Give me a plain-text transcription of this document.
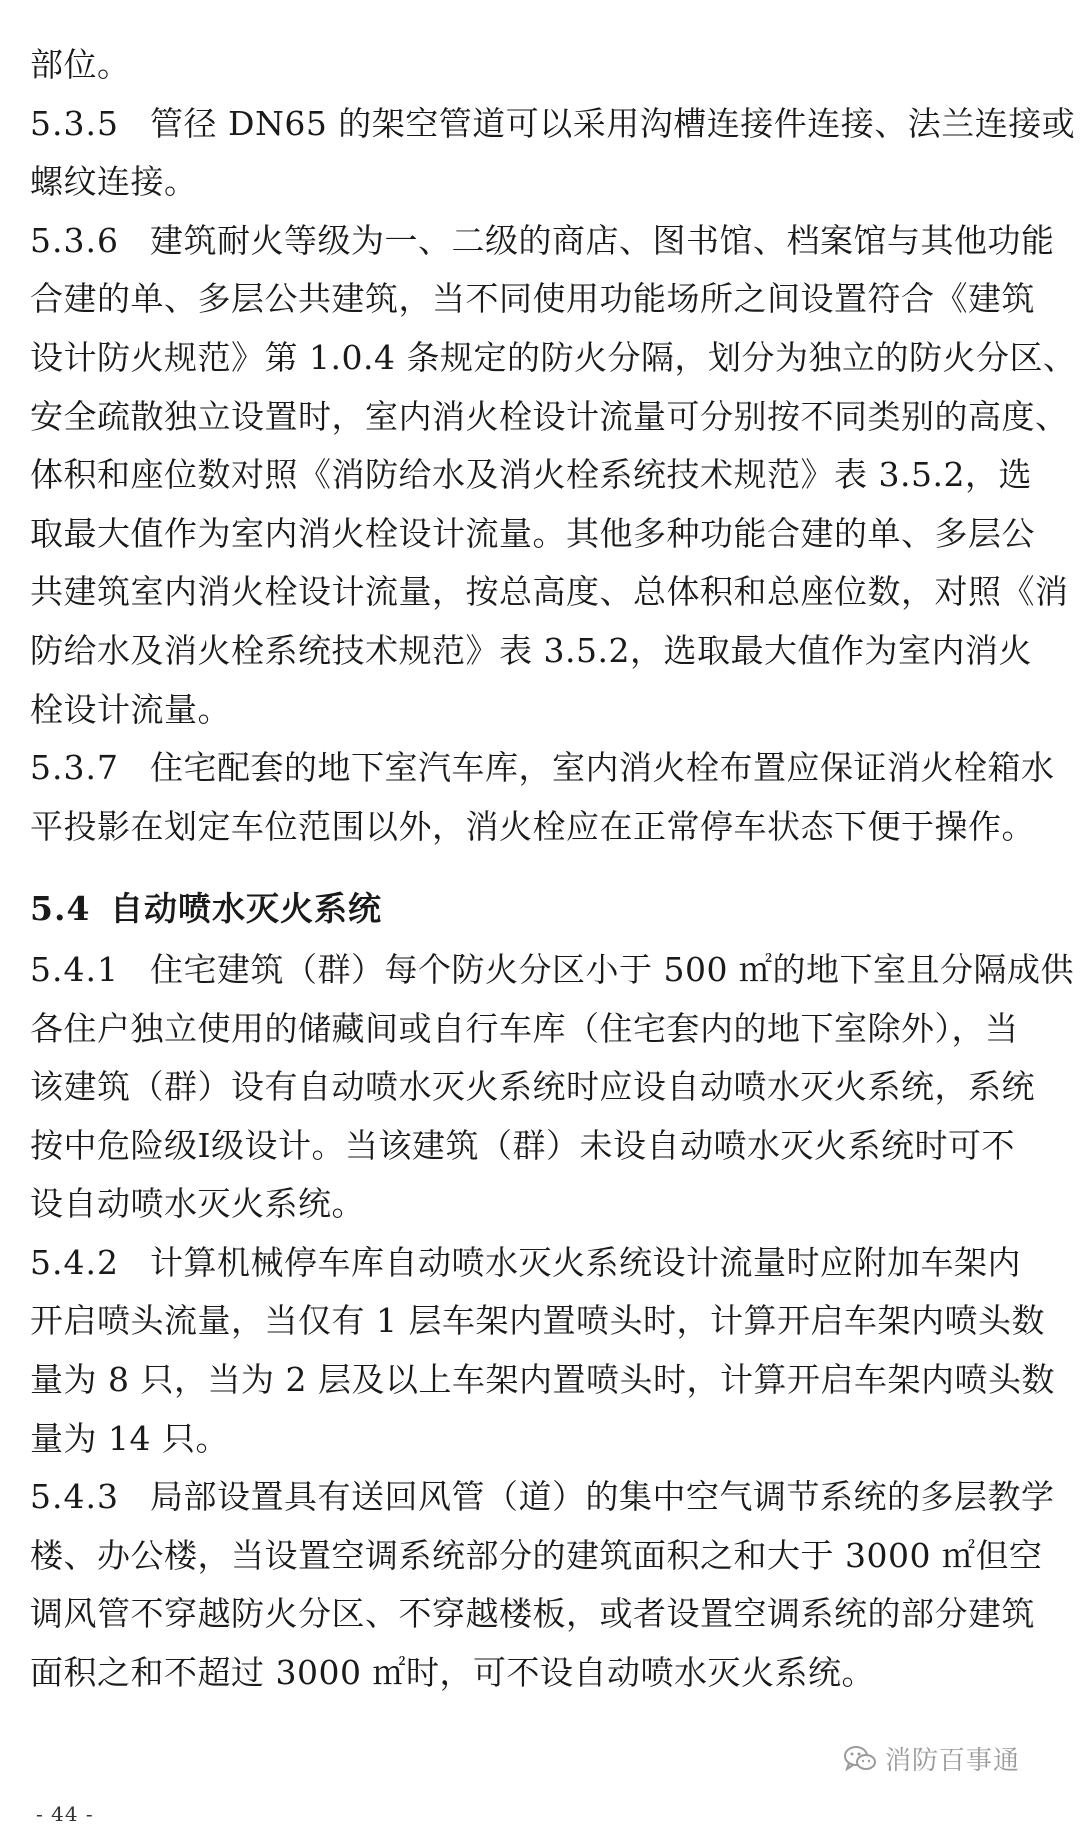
部位。
5.3.5 管径 DN65 的架空管道可以采用沟槽连接件连接、法兰连接或
螺纹连接。
5.3.6 建筑耐火等级为一、二级的商店、图书馆、档案馆与其他功能
合建的单、多层公共建筑，当不同使用功能场所之间设置符合《建筑
设计防火规范》第 1.0.4 条规定的防火分隔，划分为独立的防火分区、
安全疏散独立设置时，室内消火栓设计流量可分别按不同类别的高度、
体积和座位数对照《消防给水及消火栓系统技术规范》表 3.5.2，选
取最大值作为室内消火栓设计流量。其他多种功能合建的单、多层公
共建筑室内消火栓设计流量，按总高度、总体积和总座位数，对照《消
防给水及消火栓系统技术规范》表 3.5.2，选取最大值作为室内消火
栓设计流量。
5.3.7 住宅配套的地下室汽车库，室内消火栓布置应保证消火栓箱水
平投影在划定车位范围以外，消火栓应在正常停车状态下便于操作。
5.4 自动喷水灭火系统
5.4.1 住宅建筑（群）每个防火分区小于 500 ㎡的地下室且分隔成供
各住户独立使用的储藏间或自行车库（住宅套内的地下室除外），当
该建筑（群）设有自动喷水灭火系统时应设自动喷水灭火系统，系统
按中危险级Ⅰ级设计。当该建筑（群）未设自动喷水灭火系统时可不
设自动喷水灭火系统。
5.4.2 计算机械停车库自动喷水灭火系统设计流量时应附加车架内
开启喷头流量，当仅有 1 层车架内置喷头时，计算开启车架内喷头数
量为 8 只，当为 2 层及以上车架内置喷头时，计算开启车架内喷头数
量为 14 只。
5.4.3 局部设置具有送回风管（道）的集中空气调节系统的多层教学
楼、办公楼，当设置空调系统部分的建筑面积之和大于 3000 ㎡但空
调风管不穿越防火分区、不穿越楼板，或者设置空调系统的部分建筑
面积之和不超过 3000 ㎡时，可不设自动喷水灭火系统。
消防百事通
- 44 -
